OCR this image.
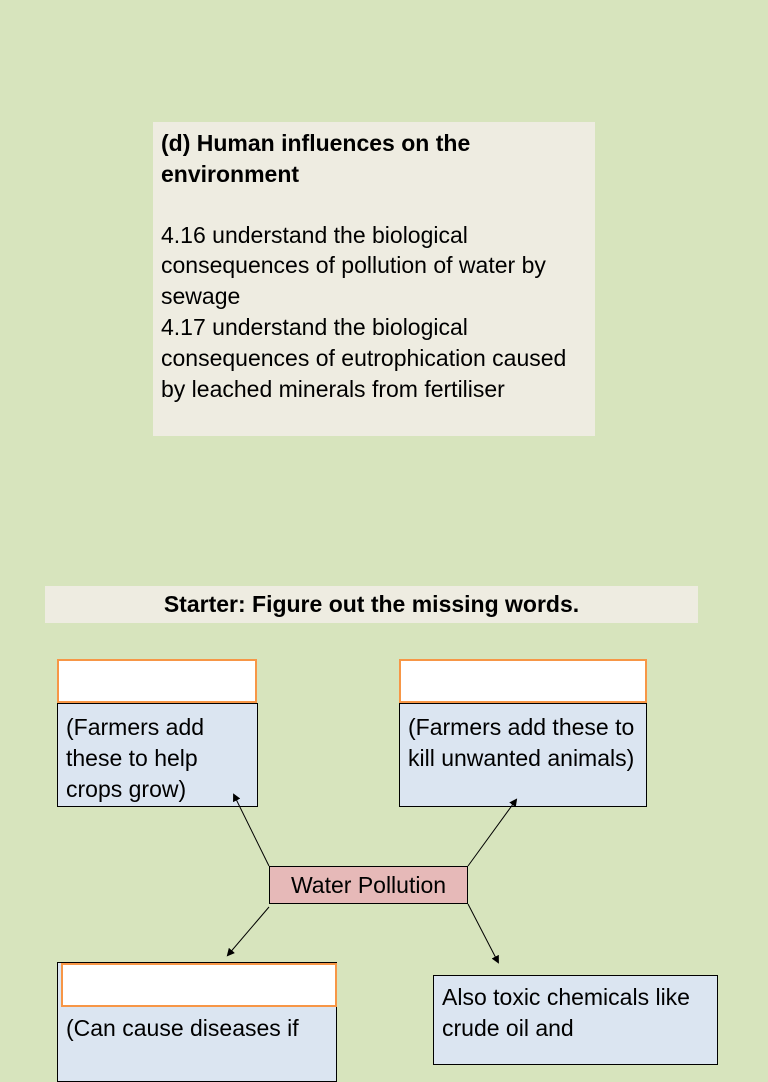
(d) Human influences on the environment
4.16 understand the biological consequences of pollution of water by sewage
4.17 understand the biological consequences of eutrophication caused by leached minerals from fertiliser
Starter: Figure out the missing words.
(Farmers add these to help crops grow)
(Farmers add these to kill unwanted animals)
Water Pollution
(Can cause diseases if
Also toxic chemicals like crude oil and
